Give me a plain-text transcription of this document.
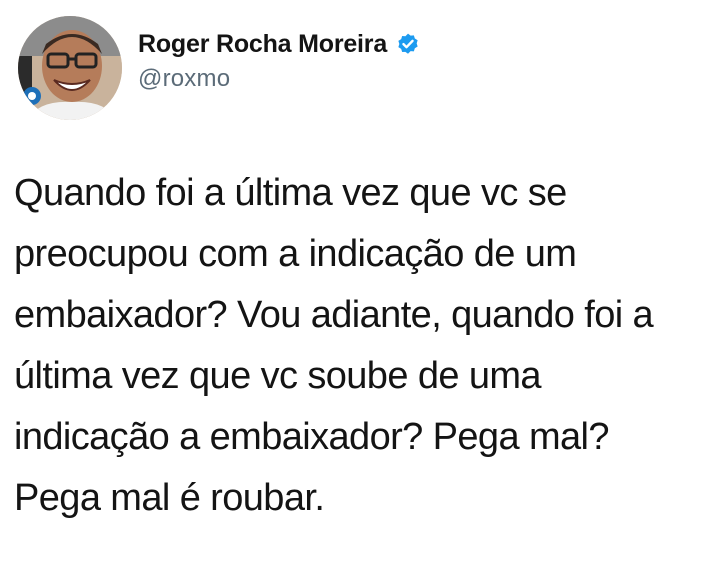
Roger Rocha Moreira
@roxmo
Quando foi a última vez que vc se
preocupou com a indicação de um
embaixador? Vou adiante, quando foi a
última vez que vc soube de uma
indicação a embaixador? Pega mal?
Pega mal é roubar.
